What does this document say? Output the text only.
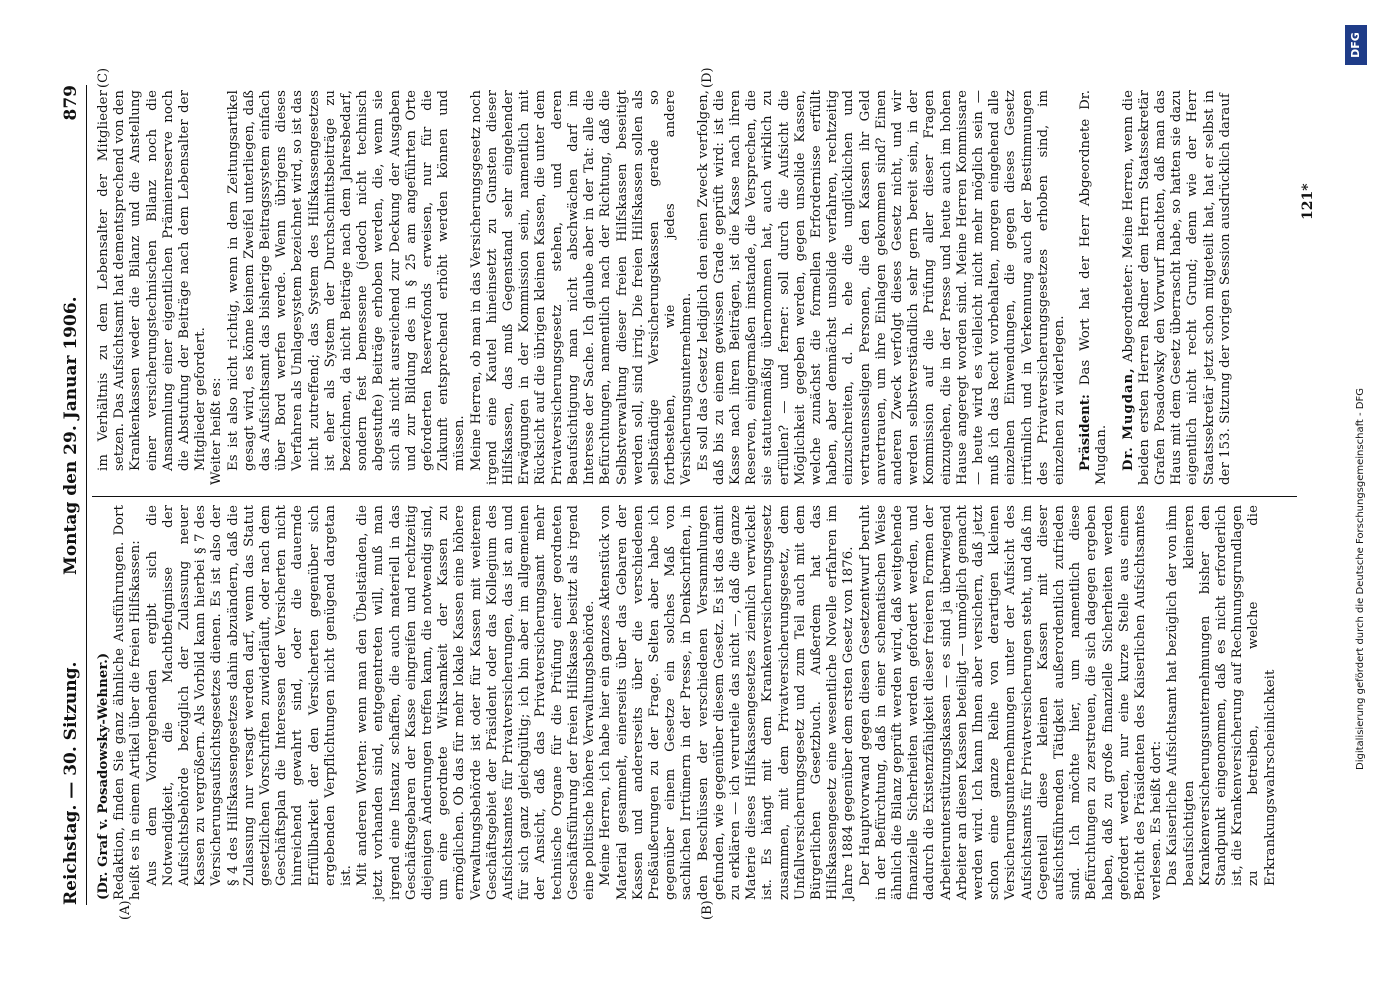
Reichstag. — 30. Sitzung.
Montag den 29. Januar 1906.
879
(A)	(B)
(C)	(D)

(Dr. Graf v. Posadowsky-Wehner.) Redaktion, finden Sie ganz ähnliche Ausführungen. Dort heißt es in einem Artikel über die freien Hilfskassen: Aus dem Vorhergehenden ergibt sich die Notwendigkeit, die Machtbefugnisse der Aufsichtsbehörde bezüglich der Zulassung neuer Kassen zu vergrößern. Als Vorbild kann hierbei § 7 des Versicherungsaufsichtsgesetzes dienen. Es ist also der § 4 des Hilfskassengesetzes dahin abzuändern, daß die Zulassung nur versagt werden darf, wenn das Statut gesetzlichen Vorschriften zuwiderläuft, oder nach dem Geschäftsplan die Interessen der Versicherten nicht hinreichend gewahrt sind, oder die dauernde Erfüllbarkeit der den Versicherten gegenüber sich ergebenden Verpflichtungen nicht genügend dargetan ist. Mit anderen Worten: wenn man den Übelständen, die jetzt vorhanden sind, entgegentreten will, muß man irgend eine Instanz schaffen, die auch materiell in das Geschäftsgebaren der Kasse eingreifen und rechtzeitig diejenigen Änderungen treffen kann, die notwendig sind, um eine geordnete Wirksamkeit der Kassen zu ermöglichen. Ob das für mehr lokale Kassen eine höhere Verwaltungsbehörde ist oder für Kassen mit weiterem Geschäftsgebiet der Präsident oder das Kollegium des Aufsichtsamtes für Privatversicherungen, das ist an und für sich ganz gleichgültig; ich bin aber im allgemeinen der Ansicht, daß das Privatversicherungsamt mehr technische Organe für die Prüfung einer geordneten Geschäftsführung der freien Hilfskasse besitzt als irgend eine politische höhere Verwaltungsbehörde. Meine Herren, ich habe hier ein ganzes Aktenstück von Material gesammelt, einerseits über das Gebaren der Kassen und andererseits über die verschiedenen Preßäußerungen zu der Frage. Selten aber habe ich gegenüber einem Gesetze ein solches Maß von sachlichen Irrtümern in der Presse, in Denkschriften, in den Beschlüssen der verschiedenen Versammlungen gefunden, wie gegenüber diesem Gesetz. Es ist das damit zu erklären — ich verurteile das nicht —, daß die ganze Materie dieses Hilfskassengesetzes ziemlich verwickelt ist. Es hängt mit dem Krankenversicherungsgesetz zusammen, mit dem Privatversicherungsgesetz, dem Unfallversicherungsgesetz und zum Teil auch mit dem Bürgerlichen Gesetzbuch. Außerdem hat das Hilfskassengesetz eine wesentliche Novelle erfahren im Jahre 1884 gegenüber dem ersten Gesetz von 1876. Der Hauptvorwand gegen diesen Gesetzentwurf beruht in der Befürchtung, daß in einer schematischen Weise ähnlich die Bilanz geprüft werden wird, daß weitgehende finanzielle Sicherheiten werden gefordert werden, und dadurch die Existenzfähigkeit dieser freieren Formen der Arbeiterunterstützungskassen — es sind ja überwiegend Arbeiter an diesen Kassen beteiligt — unmöglich gemacht werden wird. Ich kann Ihnen aber versichern, daß jetzt schon eine ganze Reihe von derartigen kleinen Versicherungsunternehmungen unter der Aufsicht des Aufsichtsamts für Privatversicherungen steht, und daß im Gegenteil diese kleinen Kassen mit dieser aufsichtsführenden Tätigkeit außerordentlich zufrieden sind. Ich möchte hier, um namentlich diese Befürchtungen zu zerstreuen, die sich dagegen ergeben haben, daß zu große finanzielle Sicherheiten werden gefordert werden, nur eine kurze Stelle aus einem Bericht des Präsidenten des Kaiserlichen Aufsichtsamtes verlesen. Es heißt dort: Das Kaiserliche Aufsichtsamt hat bezüglich der von ihm beaufsichtigten kleineren Krankenversicherungsunternehmungen bisher den Standpunkt eingenommen, daß es nicht erforderlich ist, die Krankenversicherung auf Rechnungsgrundlagen zu betreiben, welche die Erkrankungswahrscheinlichkeit

im Verhältnis zu dem Lebensalter der Mitglieder setzen. Das Aufsichtsamt hat dementsprechend von den Krankenkassen weder die Bilanz und die Anstellung einer versicherungstechnischen Bilanz noch die Ansammlung einer eigentlichen Prämienreserve noch die Abstufung der Beiträge nach dem Lebensalter der Mitglieder gefordert. Weiter heißt es: Es ist also nicht richtig, wenn in dem Zeitungsartikel gesagt wird, es könne keinem Zweifel unterliegen, daß das Aufsichtsamt das bisherige Beitragssystem einfach über Bord werfen werde. Wenn übrigens dieses Verfahren als Umlagesystem bezeichnet wird, so ist das nicht zutreffend; das System des Hilfskassengesetzes ist eher als System der Durchschnittsbeiträge zu bezeichnen, da nicht Beiträge nach dem Jahresbedarf, sondern fest bemessene (jedoch nicht technisch abgestufte) Beiträge erhoben werden, die, wenn sie sich als nicht ausreichend zur Deckung der Ausgaben und zur Bildung des in § 25 am angeführten Orte geforderten Reservefonds erweisen, nur für die Zukunft entsprechend erhöht werden können und müssen. Meine Herren, ob man in das Versicherungsgesetz noch irgend eine Kautel hineinsetzt zu Gunsten dieser Hilfskassen, das muß Gegenstand sehr eingehender Erwägungen in der Kommission sein, namentlich mit Rücksicht auf die übrigen kleinen Kassen, die unter dem Privatversicherungsgesetz stehen, und deren Beaufsichtigung man nicht abschwächen darf im Interesse der Sache. Ich glaube aber in der Tat: alle die Befürchtungen, namentlich nach der Richtung, daß die Selbstverwaltung dieser freien Hilfskassen beseitigt werden soll, sind irrig. Die freien Hilfskassen sollen als selbständige Versicherungskassen gerade so fortbestehen, wie jedes andere Versicherungsunternehmen. Es soll das Gesetz lediglich den einen Zweck verfolgen, daß bis zu einem gewissen Grade geprüft wird: ist die Kasse nach ihren Beiträgen, ist die Kasse nach ihren Reserven, einigermaßen imstande, die Versprechen, die sie statutenmäßig übernommen hat, auch wirklich zu erfüllen? — und ferner: soll durch die Aufsicht die Möglichkeit gegeben werden, gegen unsolide Kassen, welche zunächst die formellen Erfordernisse erfüllt haben, aber demnächst unsolide verfahren, rechtzeitig einzuschreiten, d. h. ehe die unglücklichen und vertrauensseligen Personen, die den Kassen ihr Geld anvertrauen, um ihre Einlagen gekommen sind? Einen anderen Zweck verfolgt dieses Gesetz nicht, und wir werden selbstverständlich sehr gern bereit sein, in der Kommission auf die Prüfung aller dieser Fragen einzugehen, die in der Presse und heute auch im hohen Hause angeregt worden sind. Meine Herren Kommissare — heute wird es vielleicht nicht mehr möglich sein — muß ich das Recht vorbehalten, morgen eingehend alle einzelnen Einwendungen, die gegen dieses Gesetz irrtümlich und in Verkennung auch der Bestimmungen des Privatversicherungsgesetzes erhoben sind, im einzelnen zu widerlegen. Präsident: Das Wort hat der Herr Abgeordnete Dr. Mugdan. Dr. Mugdan, Abgeordneter: Meine Herren, wenn die beiden ersten Herren Redner dem Herrn Staatssekretär Grafen Posadowsky den Vorwurf machten, daß man das Haus mit dem Gesetz überrascht habe, so hatten sie dazu eigentlich nicht recht Grund; denn wie der Herr Staatssekretär jetzt schon mitgeteilt hat, hat er selbst in der 153. Sitzung der vorigen Session ausdrücklich darauf	121*
Digitalisierung gefördert durch die Deutsche Forschungsgemeinschaft - DFG
DFG
